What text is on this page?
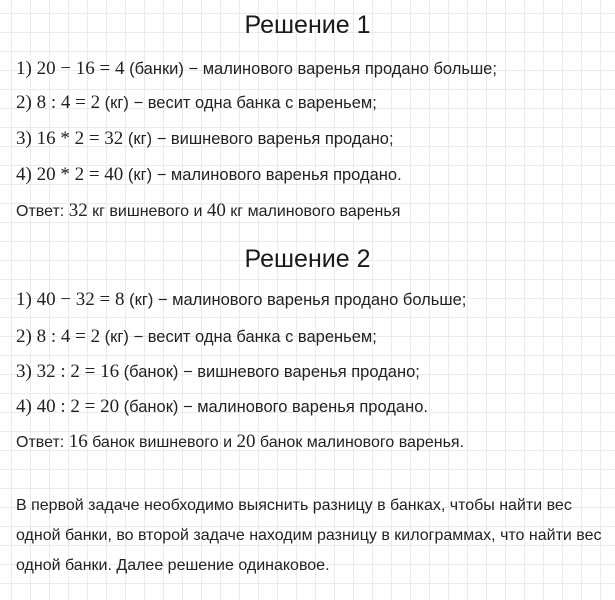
Решение 1
1) 20 − 16 = 4 (банки) − малинового варенья продано больше;
2) 8 : 4 = 2 (кг) − весит одна банка с вареньем;
3) 16 * 2 = 32 (кг) − вишневого варенья продано;
4) 20 * 2 = 40 (кг) − малинового варенья продано.
Ответ: 32 кг вишневого и 40 кг малинового варенья
Решение 2
1) 40 − 32 = 8 (кг) − малинового варенья продано больше;
2) 8 : 4 = 2 (кг) − весит одна банка с вареньем;
3) 32 : 2 = 16 (банок) − вишневого варенья продано;
4) 40 : 2 = 20 (банок) − малинового варенья продано.
Ответ: 16 банок вишневого и 20 банок малинового варенья.
В первой задаче необходимо выяснить разницу в банках, чтобы найти вес одной банки, во второй задаче находим разницу в килограммах, что найти вес одной банки. Далее решение одинаковое.
